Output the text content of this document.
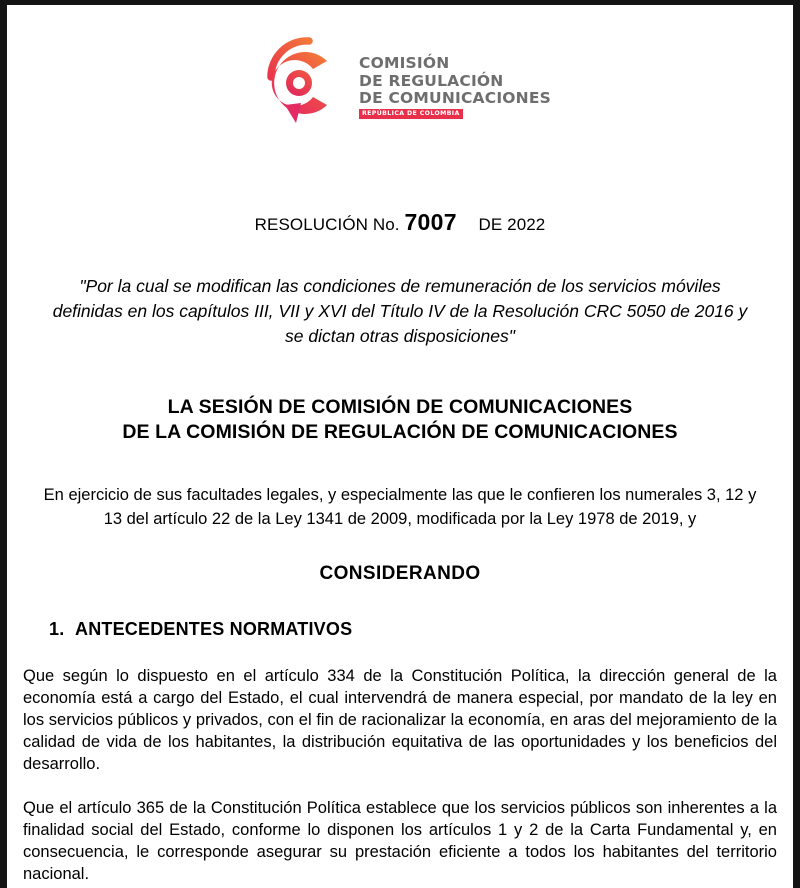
COMISIÓN
DE REGULACIÓN
DE COMUNICACIONES
REPÚBLICA DE COLOMBIA
RESOLUCIÓN No. 7007 DE 2022
"Por la cual se modifican las condiciones de remuneración de los servicios móviles definidas en los capítulos III, VII y XVI del Título IV de la Resolución CRC 5050 de 2016 y se dictan otras disposiciones"
LA SESIÓN DE COMISIÓN DE COMUNICACIONES
DE LA COMISIÓN DE REGULACIÓN DE COMUNICACIONES
En ejercicio de sus facultades legales, y especialmente las que le confieren los numerales 3, 12 y 13 del artículo 22 de la Ley 1341 de 2009, modificada por la Ley 1978 de 2019, y
CONSIDERANDO
1. ANTECEDENTES NORMATIVOS
Que según lo dispuesto en el artículo 334 de la Constitución Política, la dirección general de la economía está a cargo del Estado, el cual intervendrá de manera especial, por mandato de la ley en los servicios públicos y privados, con el fin de racionalizar la economía, en aras del mejoramiento de la calidad de vida de los habitantes, la distribución equitativa de las oportunidades y los beneficios del desarrollo.
Que el artículo 365 de la Constitución Política establece que los servicios públicos son inherentes a la finalidad social del Estado, conforme lo disponen los artículos 1 y 2 de la Carta Fundamental y, en consecuencia, le corresponde asegurar su prestación eficiente a todos los habitantes del territorio nacional.
